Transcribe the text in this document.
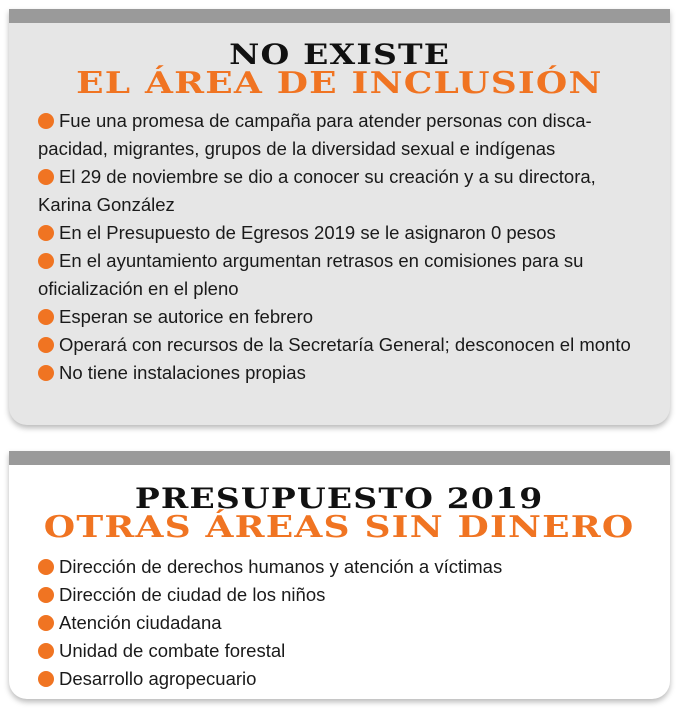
NO EXISTE
EL ÁREA DE INCLUSIÓN
Fue una promesa de campaña para atender personas con disca-pacidad, migrantes, grupos de la diversidad sexual e indígenas
El 29 de noviembre se dio a conocer su creación y a su directora, Karina González
En el Presupuesto de Egresos 2019 se le asignaron 0 pesos
En el ayuntamiento argumentan retrasos en comisiones para su oficialización en el pleno
Esperan se autorice en febrero
Operará con recursos de la Secretaría General; desconocen el monto
No tiene instalaciones propias
PRESUPUESTO 2019
OTRAS ÁREAS SIN DINERO
Dirección de derechos humanos y atención a víctimas
Dirección de ciudad de los niños
Atención ciudadana
Unidad de combate forestal
Desarrollo agropecuario
